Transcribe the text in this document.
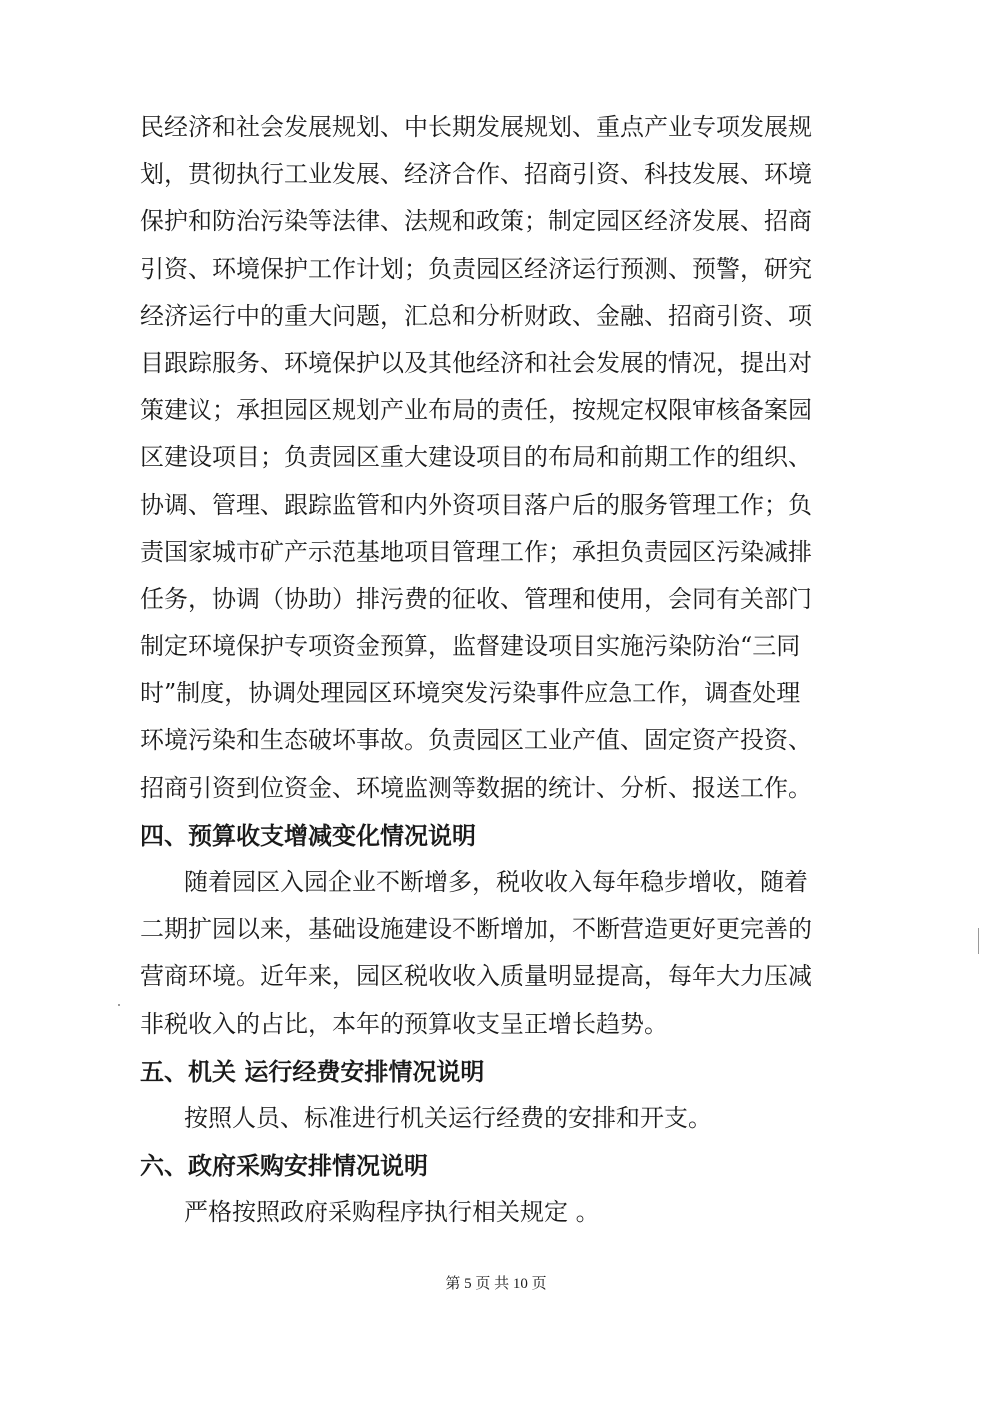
民经济和社会发展规划、中长期发展规划、重点产业专项发展规
划，贯彻执行工业发展、经济合作、招商引资、科技发展、环境
保护和防治污染等法律、法规和政策；制定园区经济发展、招商
引资、环境保护工作计划；负责园区经济运行预测、预警，研究
经济运行中的重大问题，汇总和分析财政、金融、招商引资、项
目跟踪服务、环境保护以及其他经济和社会发展的情况，提出对
策建议；承担园区规划产业布局的责任，按规定权限审核备案园
区建设项目；负责园区重大建设项目的布局和前期工作的组织、
协调、管理、跟踪监管和内外资项目落户后的服务管理工作；负
责国家城市矿产示范基地项目管理工作；承担负责园区污染减排
任务，协调（协助）排污费的征收、管理和使用，会同有关部门
制定环境保护专项资金预算，监督建设项目实施污染防治“三同
时”制度，协调处理园区环境突发污染事件应急工作，调查处理
环境污染和生态破坏事故。负责园区工业产值、固定资产投资、
招商引资到位资金、环境监测等数据的统计、分析、报送工作。
四、预算收支增减变化情况说明
随着园区入园企业不断增多，税收收入每年稳步增收，随着
二期扩园以来，基础设施建设不断增加，不断营造更好更完善的
营商环境。近年来，园区税收收入质量明显提高，每年大力压减
非税收入的占比，本年的预算收支呈正增长趋势。
五、机关 运行经费安排情况说明
按照人员、标准进行机关运行经费的安排和开支。
六、政府采购安排情况说明
严格按照政府采购程序执行相关规定 。
第 5 页 共 10 页
